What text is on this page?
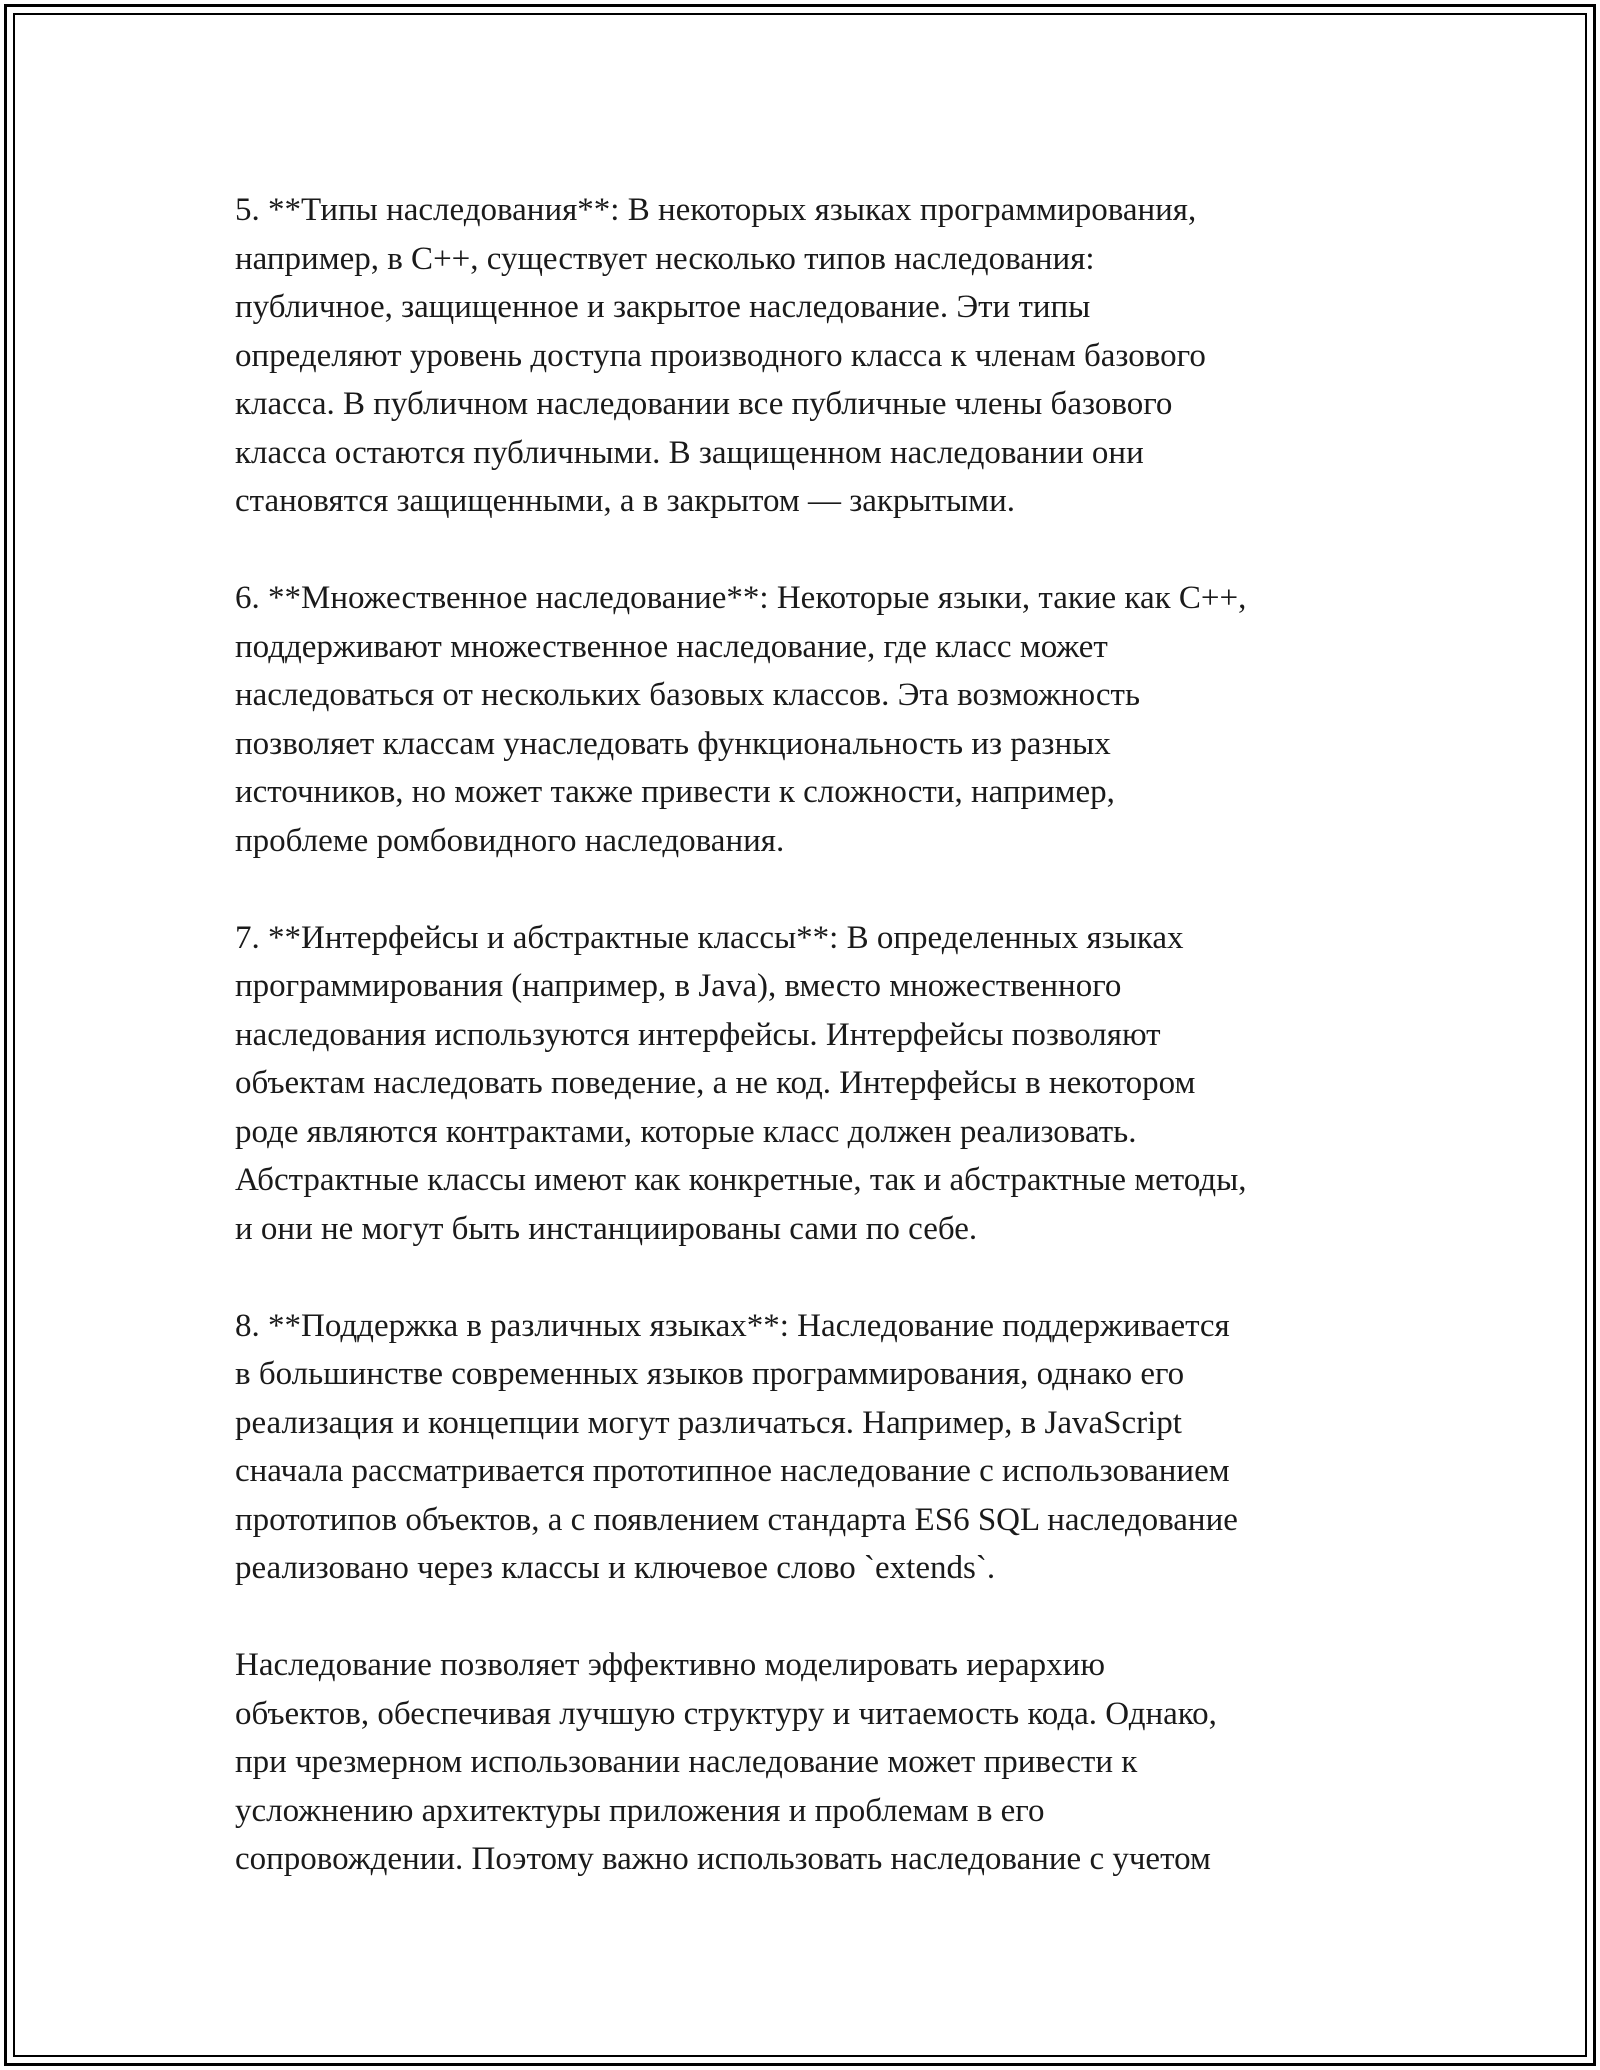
5. **Типы наследования**: В некоторых языках программирования,
например, в C++, существует несколько типов наследования:
публичное, защищенное и закрытое наследование. Эти типы
определяют уровень доступа производного класса к членам базового
класса. В публичном наследовании все публичные члены базового
класса остаются публичными. В защищенном наследовании они
становятся защищенными, а в закрытом — закрытыми.
6. **Множественное наследование**: Некоторые языки, такие как C++,
поддерживают множественное наследование, где класс может
наследоваться от нескольких базовых классов. Эта возможность
позволяет классам унаследовать функциональность из разных
источников, но может также привести к сложности, например,
проблеме ромбовидного наследования.
7. **Интерфейсы и абстрактные классы**: В определенных языках
программирования (например, в Java), вместо множественного
наследования используются интерфейсы. Интерфейсы позволяют
объектам наследовать поведение, а не код. Интерфейсы в некотором
роде являются контрактами, которые класс должен реализовать.
Абстрактные классы имеют как конкретные, так и абстрактные методы,
и они не могут быть инстанциированы сами по себе.
8. **Поддержка в различных языках**: Наследование поддерживается
в большинстве современных языков программирования, однако его
реализация и концепции могут различаться. Например, в JavaScript
сначала рассматривается прототипное наследование с использованием
прототипов объектов, а с появлением стандарта ES6 SQL наследование
реализовано через классы и ключевое слово `extends`.
Наследование позволяет эффективно моделировать иерархию
объектов, обеспечивая лучшую структуру и читаемость кода. Однако,
при чрезмерном использовании наследование может привести к
усложнению архитектуры приложения и проблемам в его
сопровождении. Поэтому важно использовать наследование с учетом
